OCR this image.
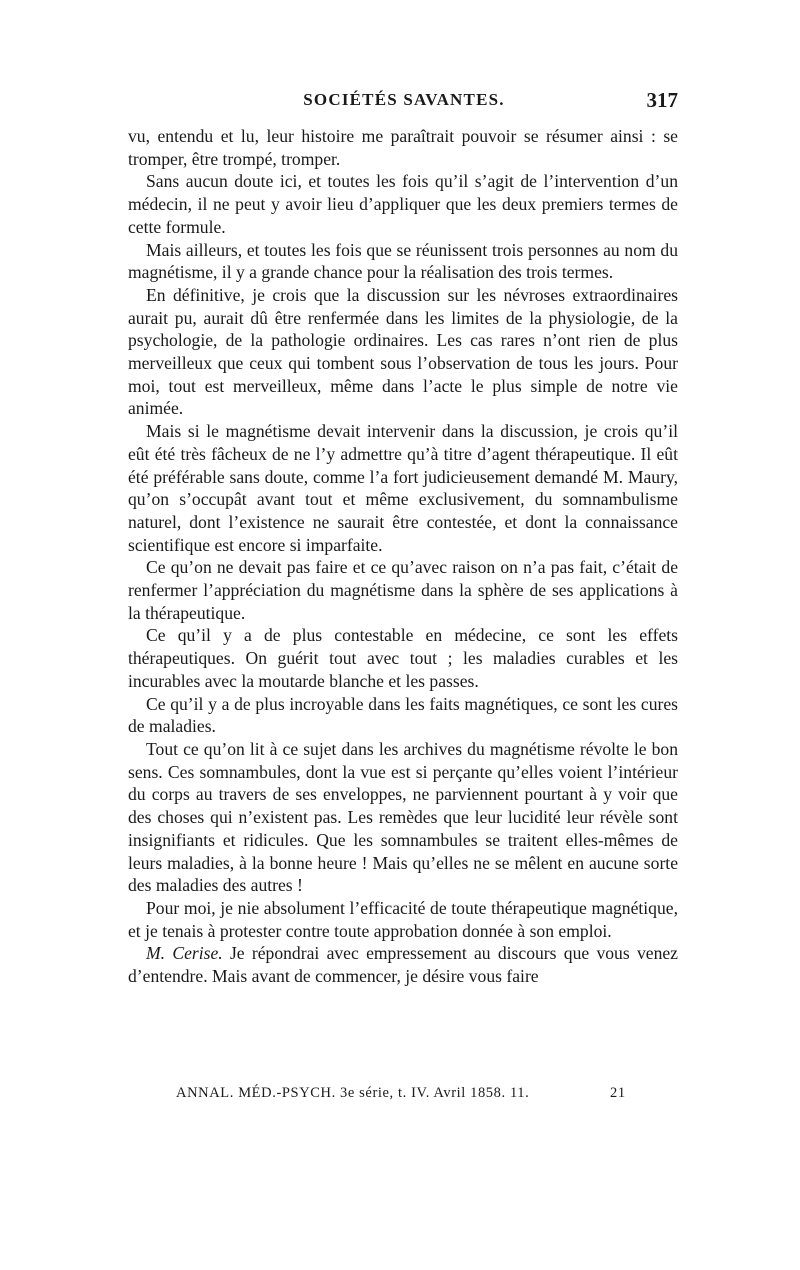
SOCIÉTÉS SAVANTES.	317

vu, entendu et lu, leur histoire me paraîtrait pouvoir se résumer ainsi : se tromper, être trompé, tromper.

Sans aucun doute ici, et toutes les fois qu’il s’agit de l’intervention d’un médecin, il ne peut y avoir lieu d’appliquer que les deux premiers termes de cette formule.

Mais ailleurs, et toutes les fois que se réunissent trois personnes au nom du magnétisme, il y a grande chance pour la réalisation des trois termes.

En définitive, je crois que la discussion sur les névroses extraordinaires aurait pu, aurait dû être renfermée dans les limites de la physiologie, de la psychologie, de la pathologie ordinaires. Les cas rares n’ont rien de plus merveilleux que ceux qui tombent sous l’observation de tous les jours. Pour moi, tout est merveilleux, même dans l’acte le plus simple de notre vie animée.

Mais si le magnétisme devait intervenir dans la discussion, je crois qu’il eût été très fâcheux de ne l’y admettre qu’à titre d’agent thérapeutique. Il eût été préférable sans doute, comme l’a fort judicieusement demandé M. Maury, qu’on s’occupât avant tout et même exclusivement, du somnambulisme naturel, dont l’existence ne saurait être contestée, et dont la connaissance scientifique est encore si imparfaite.

Ce qu’on ne devait pas faire et ce qu’avec raison on n’a pas fait, c’était de renfermer l’appréciation du magnétisme dans la sphère de ses applications à la thérapeutique.

Ce qu’il y a de plus contestable en médecine, ce sont les effets thérapeutiques. On guérit tout avec tout ; les maladies curables et les incurables avec la moutarde blanche et les passes.

Ce qu’il y a de plus incroyable dans les faits magnétiques, ce sont les cures de maladies.

Tout ce qu’on lit à ce sujet dans les archives du magnétisme révolte le bon sens. Ces somnambules, dont la vue est si perçante qu’elles voient l’intérieur du corps au travers de ses enveloppes, ne parviennent pourtant à y voir que des choses qui n’existent pas. Les remèdes que leur lucidité leur révèle sont insignifiants et ridicules. Que les somnambules se traitent elles-mêmes de leurs maladies, à la bonne heure ! Mais qu’elles ne se mêlent en aucune sorte des maladies des autres !

Pour moi, je nie absolument l’efficacité de toute thérapeutique magnétique, et je tenais à protester contre toute approbation donnée à son emploi.

M. Cerise. Je répondrai avec empressement au discours que vous venez d’entendre. Mais avant de commencer, je désire vous faire

ANNAL. MÉD.-PSYCH. 3e série, t. IV. Avril 1858. 11.	21
